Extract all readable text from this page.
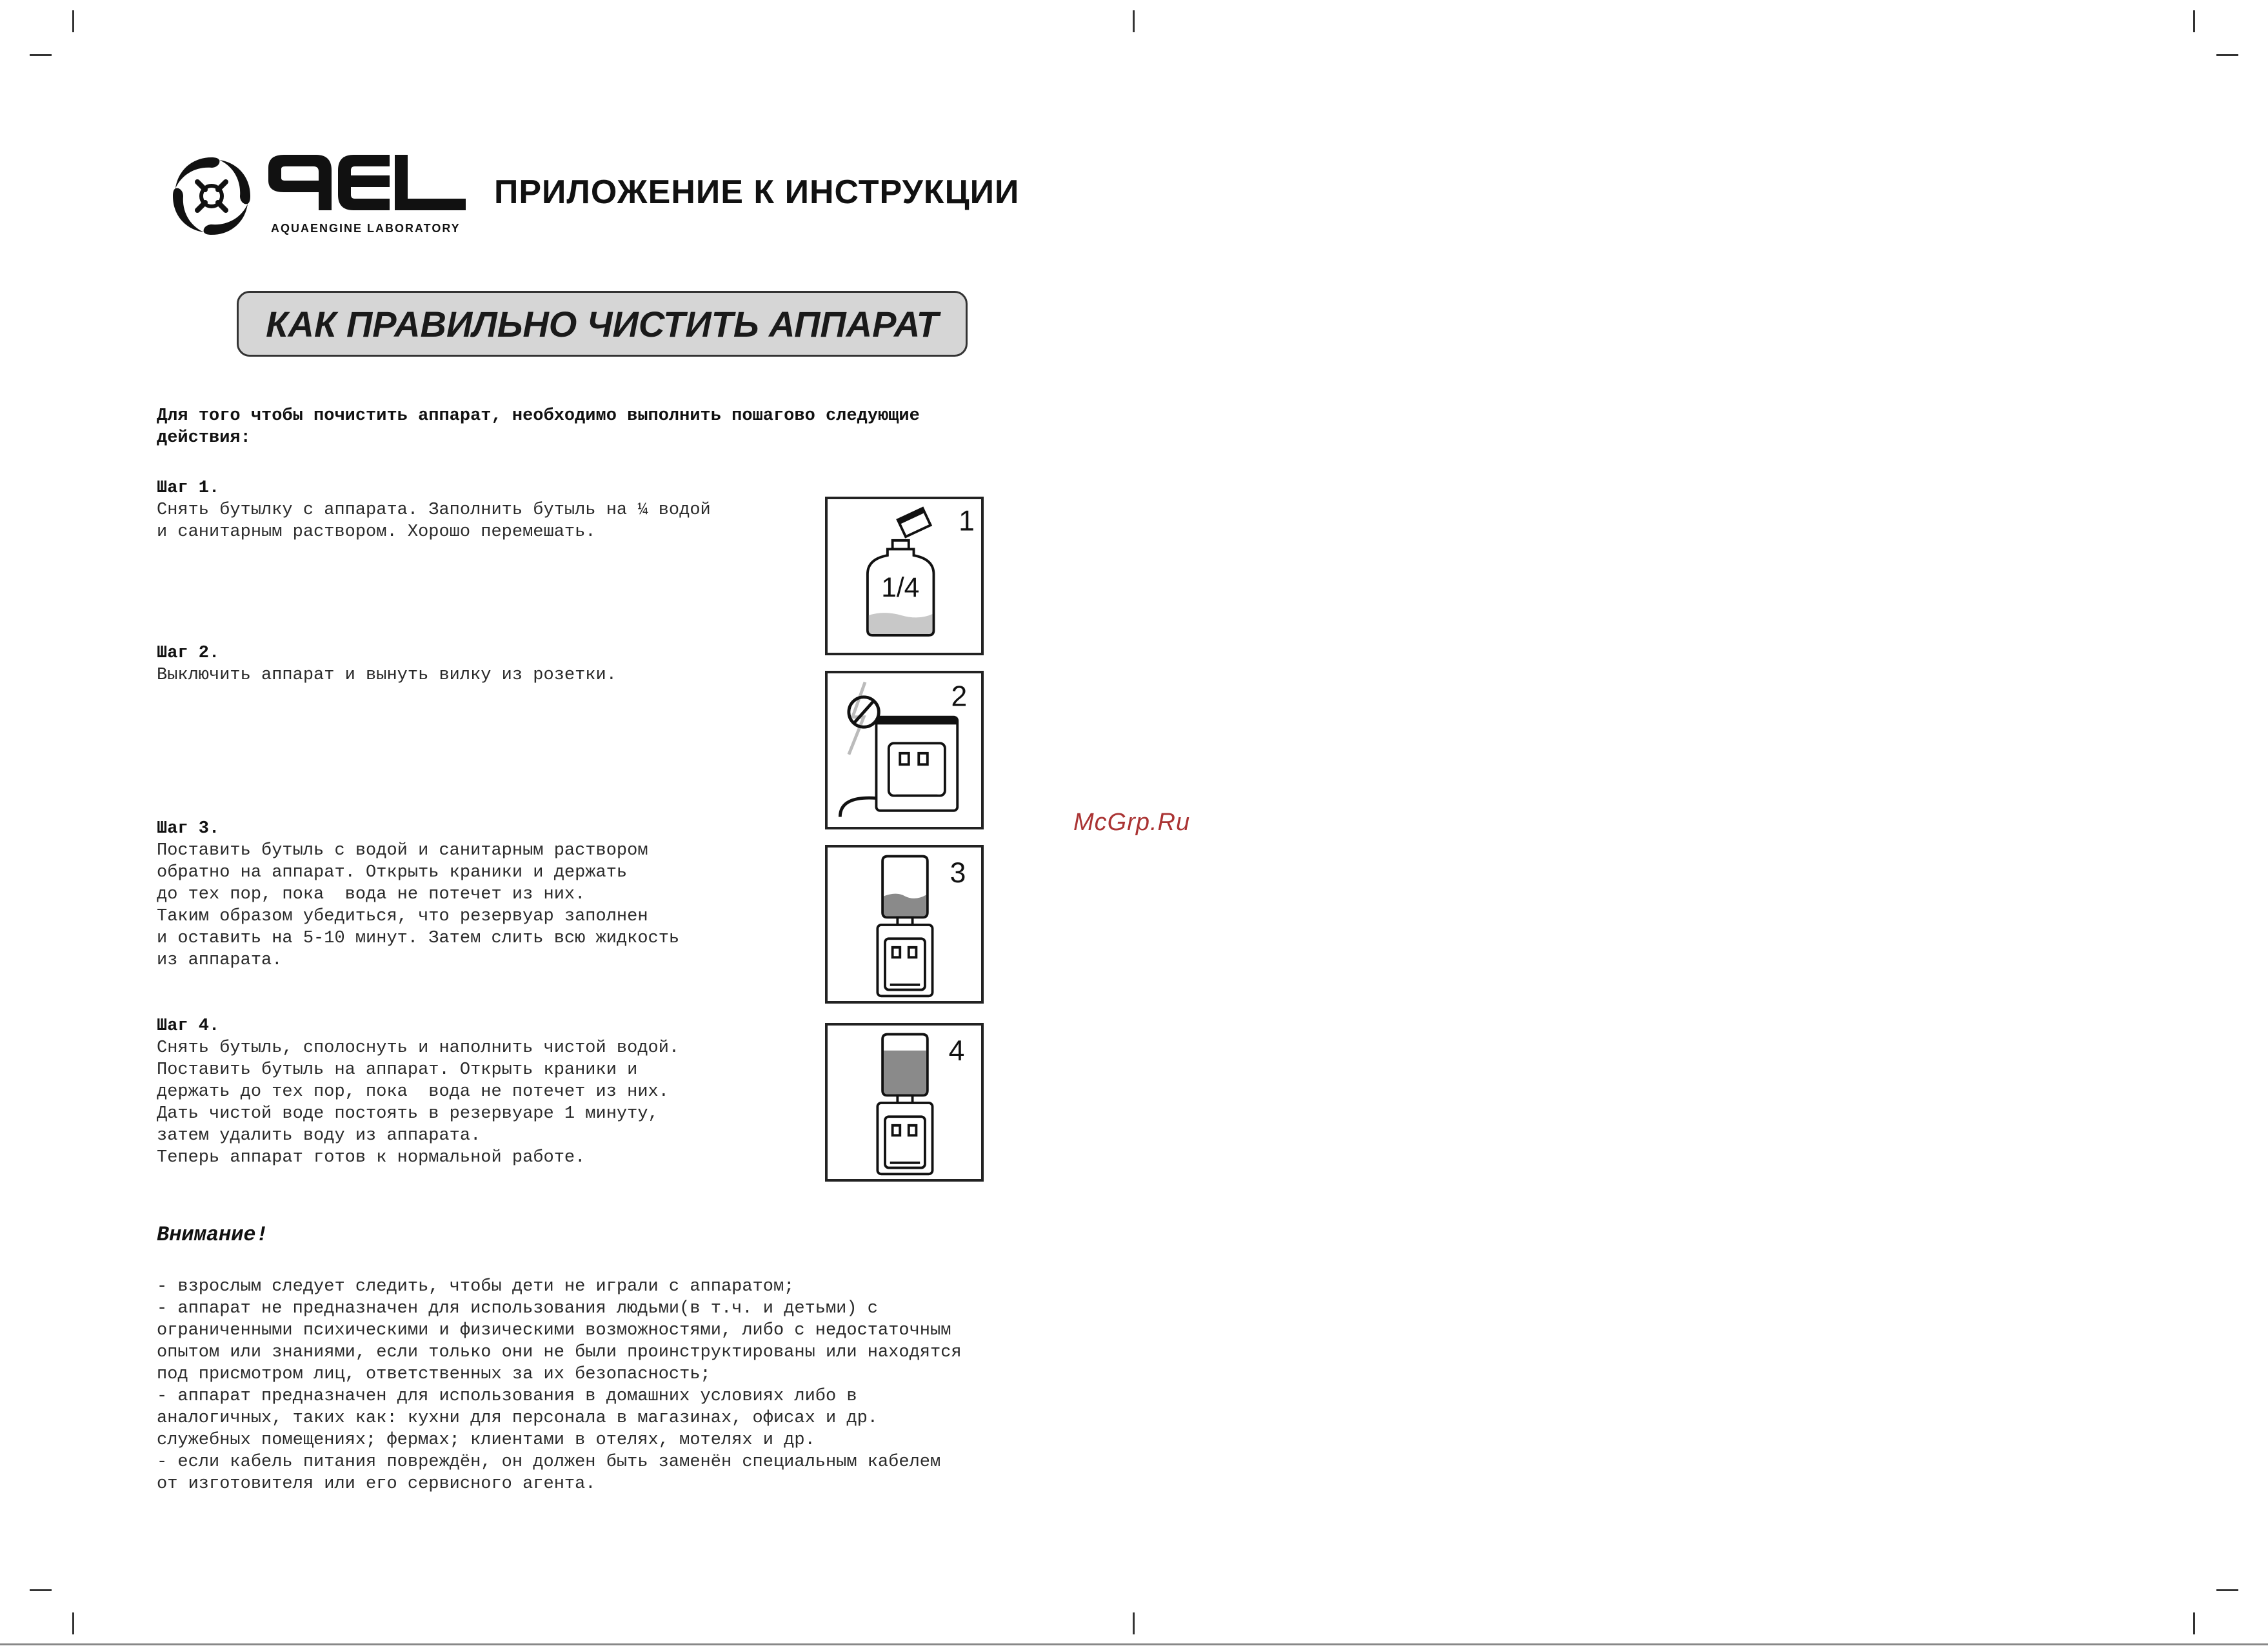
AQUAENGINE LABORATORY
ПРИЛОЖЕНИЕ К ИНСТРУКЦИИ
КАК ПРАВИЛЬНО ЧИСТИТЬ АППАРАТ
Для того чтобы почистить аппарат, необходимо выполнить пошагово следующие
действия:
Шаг 1.
Снять бутылку с аппарата. Заполнить бутыль на ¼ водой
и санитарным раствором. Хорошо перемешать.
Шаг 2.
Выключить аппарат и вынуть вилку из розетки.
Шаг 3.
Поставить бутыль с водой и санитарным раствором
обратно на аппарат. Открыть краники и держать
до тех пор, пока  вода не потечет из них.
Таким образом убедиться, что резервуар заполнен
и оставить на 5-10 минут. Затем слить всю жидкость
из аппарата.
Шаг 4.
Снять бутыль, сполоснуть и наполнить чистой водой.
Поставить бутыль на аппарат. Открыть краники и
держать до тех пор, пока  вода не потечет из них.
Дать чистой воде постоять в резервуаре 1 минуту,
затем удалить воду из аппарата.
Теперь аппарат готов к нормальной работе.
1
1/4
2
3
4
McGrp.Ru
Внимание!
- взрослым следует следить, чтобы дети не играли с аппаратом;
- аппарат не предназначен для использования людьми(в т.ч. и детьми) с
ограниченными психическими и физическими возможностями, либо с недостаточным
опытом или знаниями, если только они не были проинструктированы или находятся
под присмотром лиц, ответственных за их безопасность;
- аппарат предназначен для использования в домашних условиях либо в
аналогичных, таких как: кухни для персонала в магазинах, офисах и др.
служебных помещениях; фермах; клиентами в отелях, мотелях и др.
- если кабель питания повреждён, он должен быть заменён специальным кабелем
от изготовителя или его сервисного агента.
